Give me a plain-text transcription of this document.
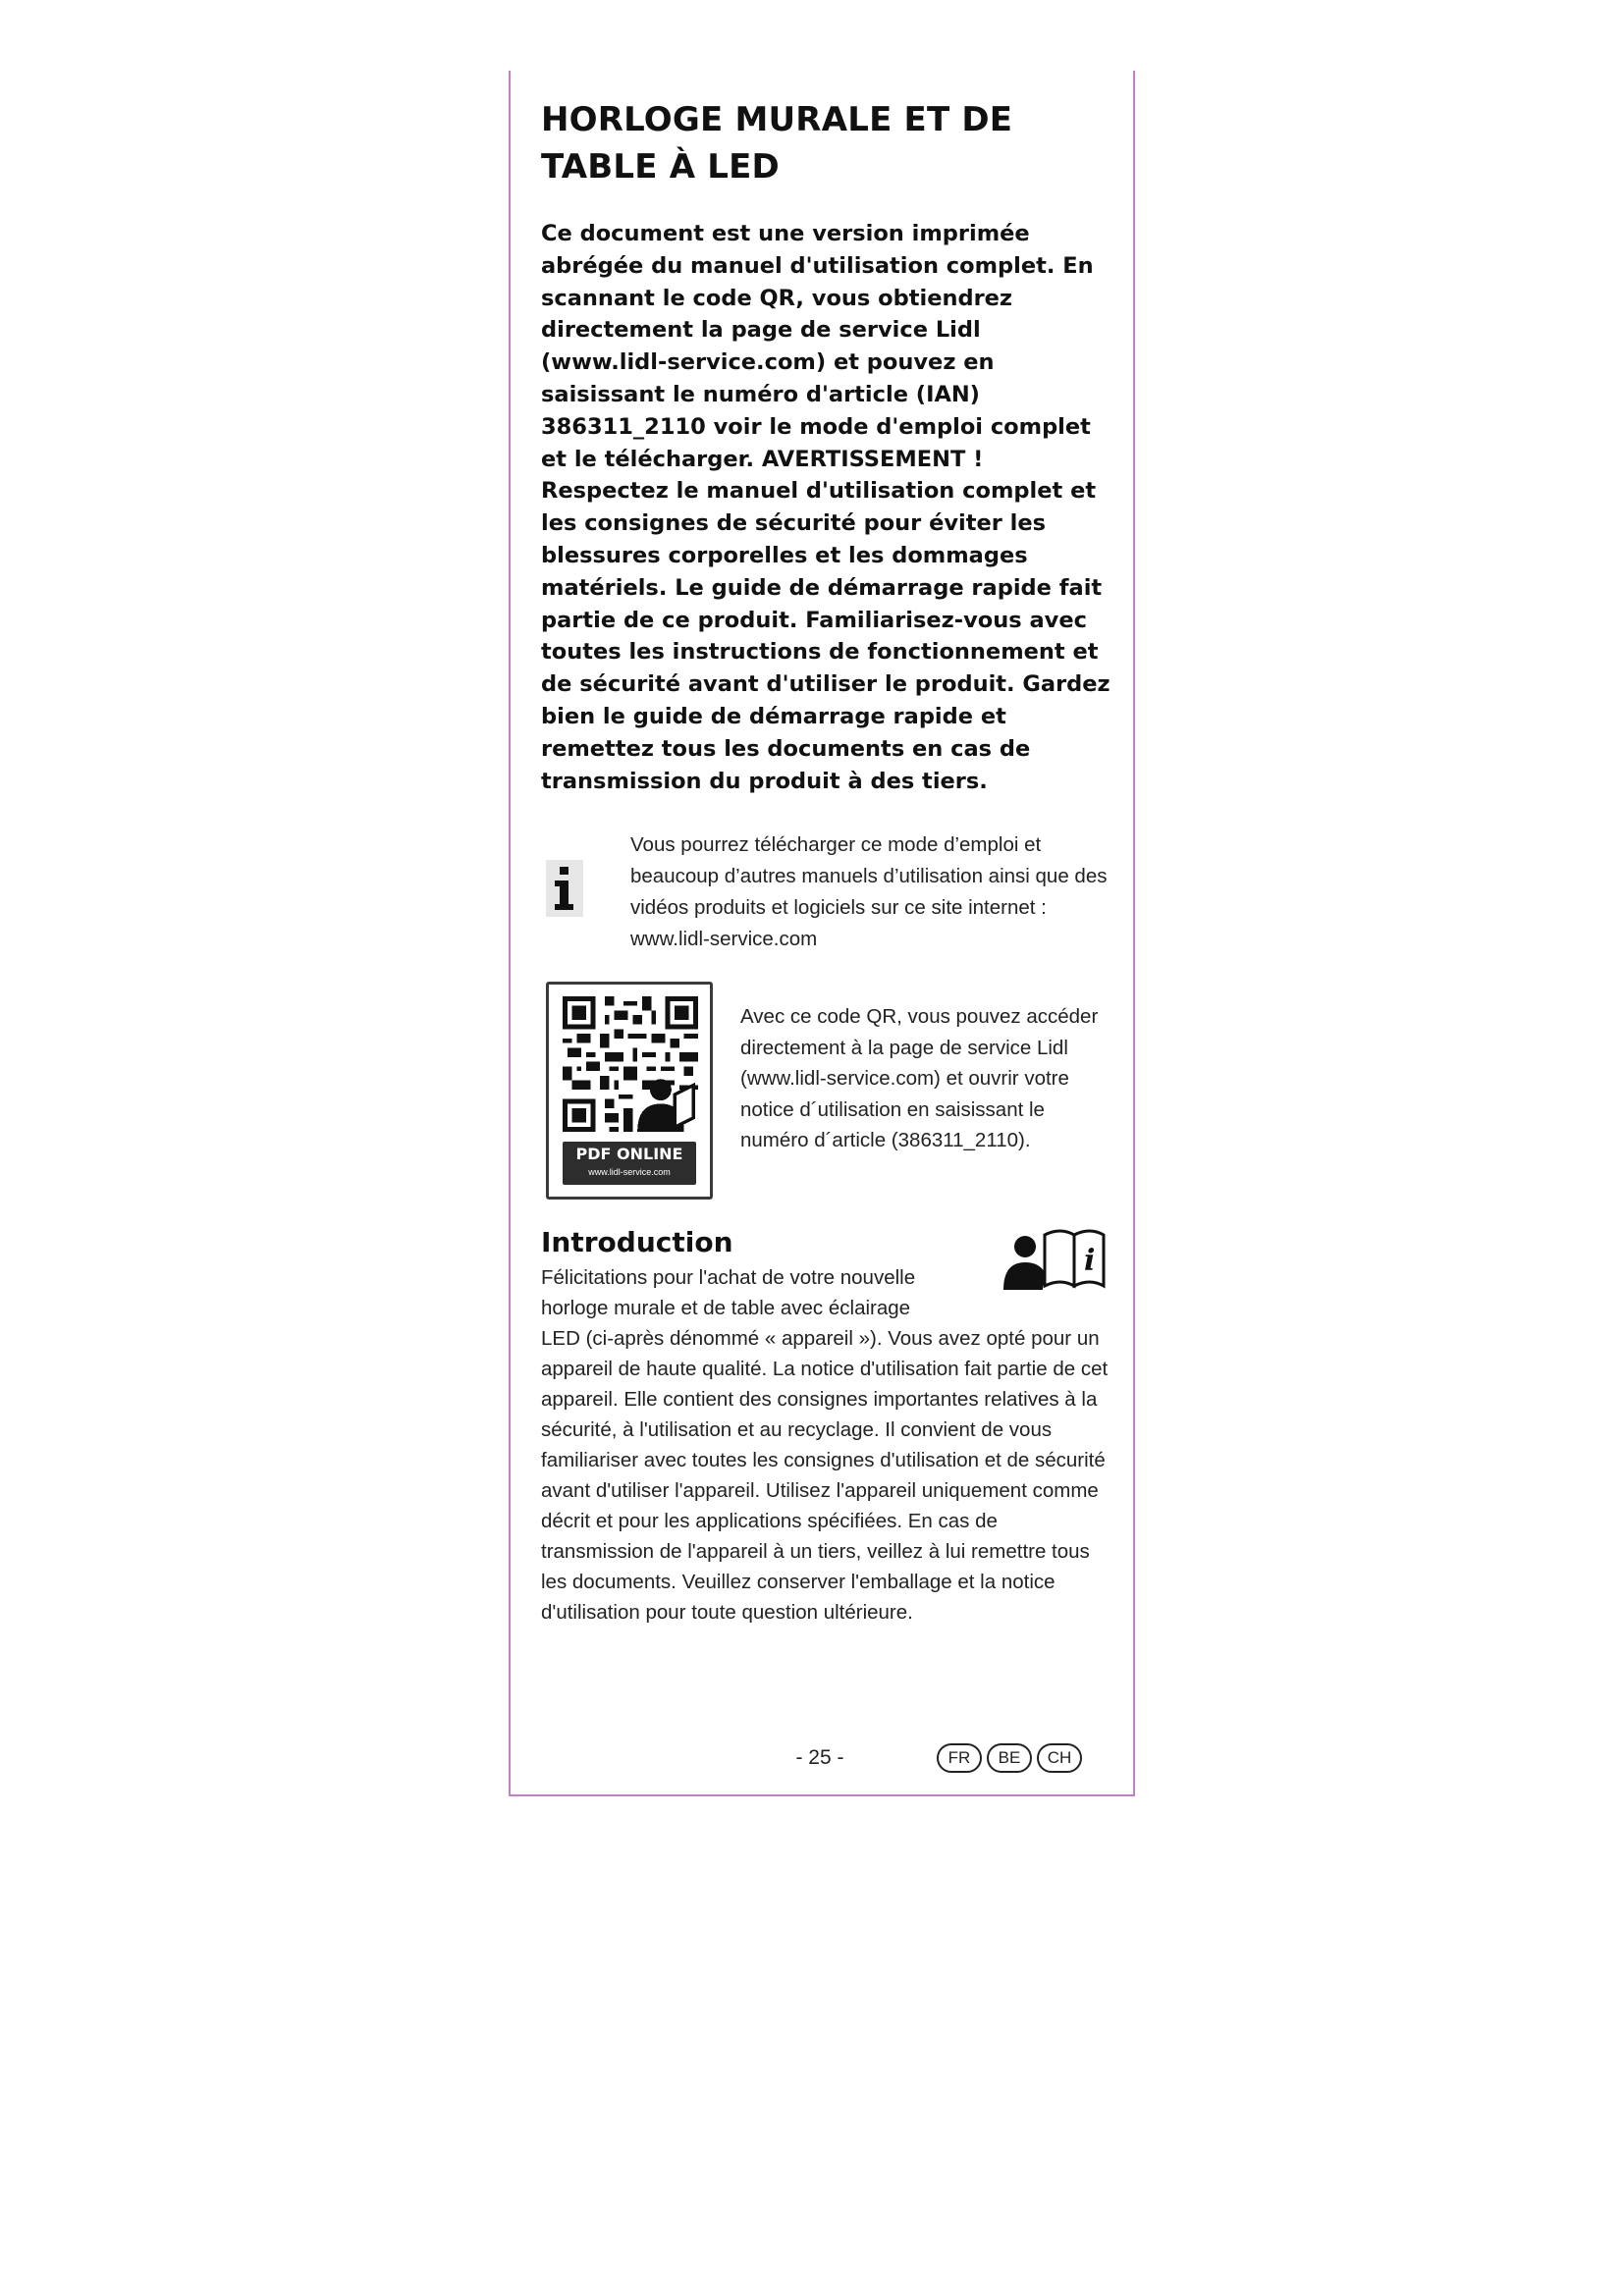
HORLOGE MURALE ET DE
TABLE À LED

Ce document est une version imprimée abrégée du manuel d'utilisation complet. En scannant le code QR, vous obtiendrez directement la page de service Lidl (www.lidl-service.com) et pouvez en saisissant le numéro d'article (IAN) 386311_2110 voir le mode d'emploi complet et le télécharger. AVERTISSEMENT ! Respectez le manuel d'utilisation complet et les consignes de sécurité pour éviter les blessures corporelles et les dommages matériels. Le guide de démarrage rapide fait partie de ce produit. Familiarisez-vous avec toutes les instructions de fonctionnement et de sécurité avant d'utiliser le produit. Gardez bien le guide de démarrage rapide et remettez tous les documents en cas de transmission du produit à des tiers.

Vous pourrez télécharger ce mode d’emploi et beaucoup d’autres manuels d’utilisation ainsi que des vidéos produits et logiciels sur ce site internet : www.lidl-service.com

PDF ONLINE
www.lidl-service.com

Avec ce code QR, vous pouvez accéder directement à la page de service Lidl (www.lidl-service.com) et ouvrir votre notice d´utilisation en saisissant le numéro d´article (386311_2110).

Introduction
i

Félicitations pour l'achat de votre nouvelle horloge murale et de table avec éclairage
LED (ci-après dénommé « appareil »). Vous avez opté pour un appareil de haute qualité. La notice d'utilisation fait partie de cet appareil. Elle contient des consignes importantes relatives à la sécurité, à l'utilisation et au recyclage. Il convient de vous familiariser avec toutes les consignes d'utilisation et de sécurité avant d'utiliser l'appareil. Utilisez l'appareil uniquement comme décrit et pour les applications spécifiées. En cas de transmission de l'appareil à un tiers, veillez à lui remettre tous les documents. Veuillez conserver l'emballage et la notice d'utilisation pour toute question ultérieure.

- 25 -	FR	BE	CH
